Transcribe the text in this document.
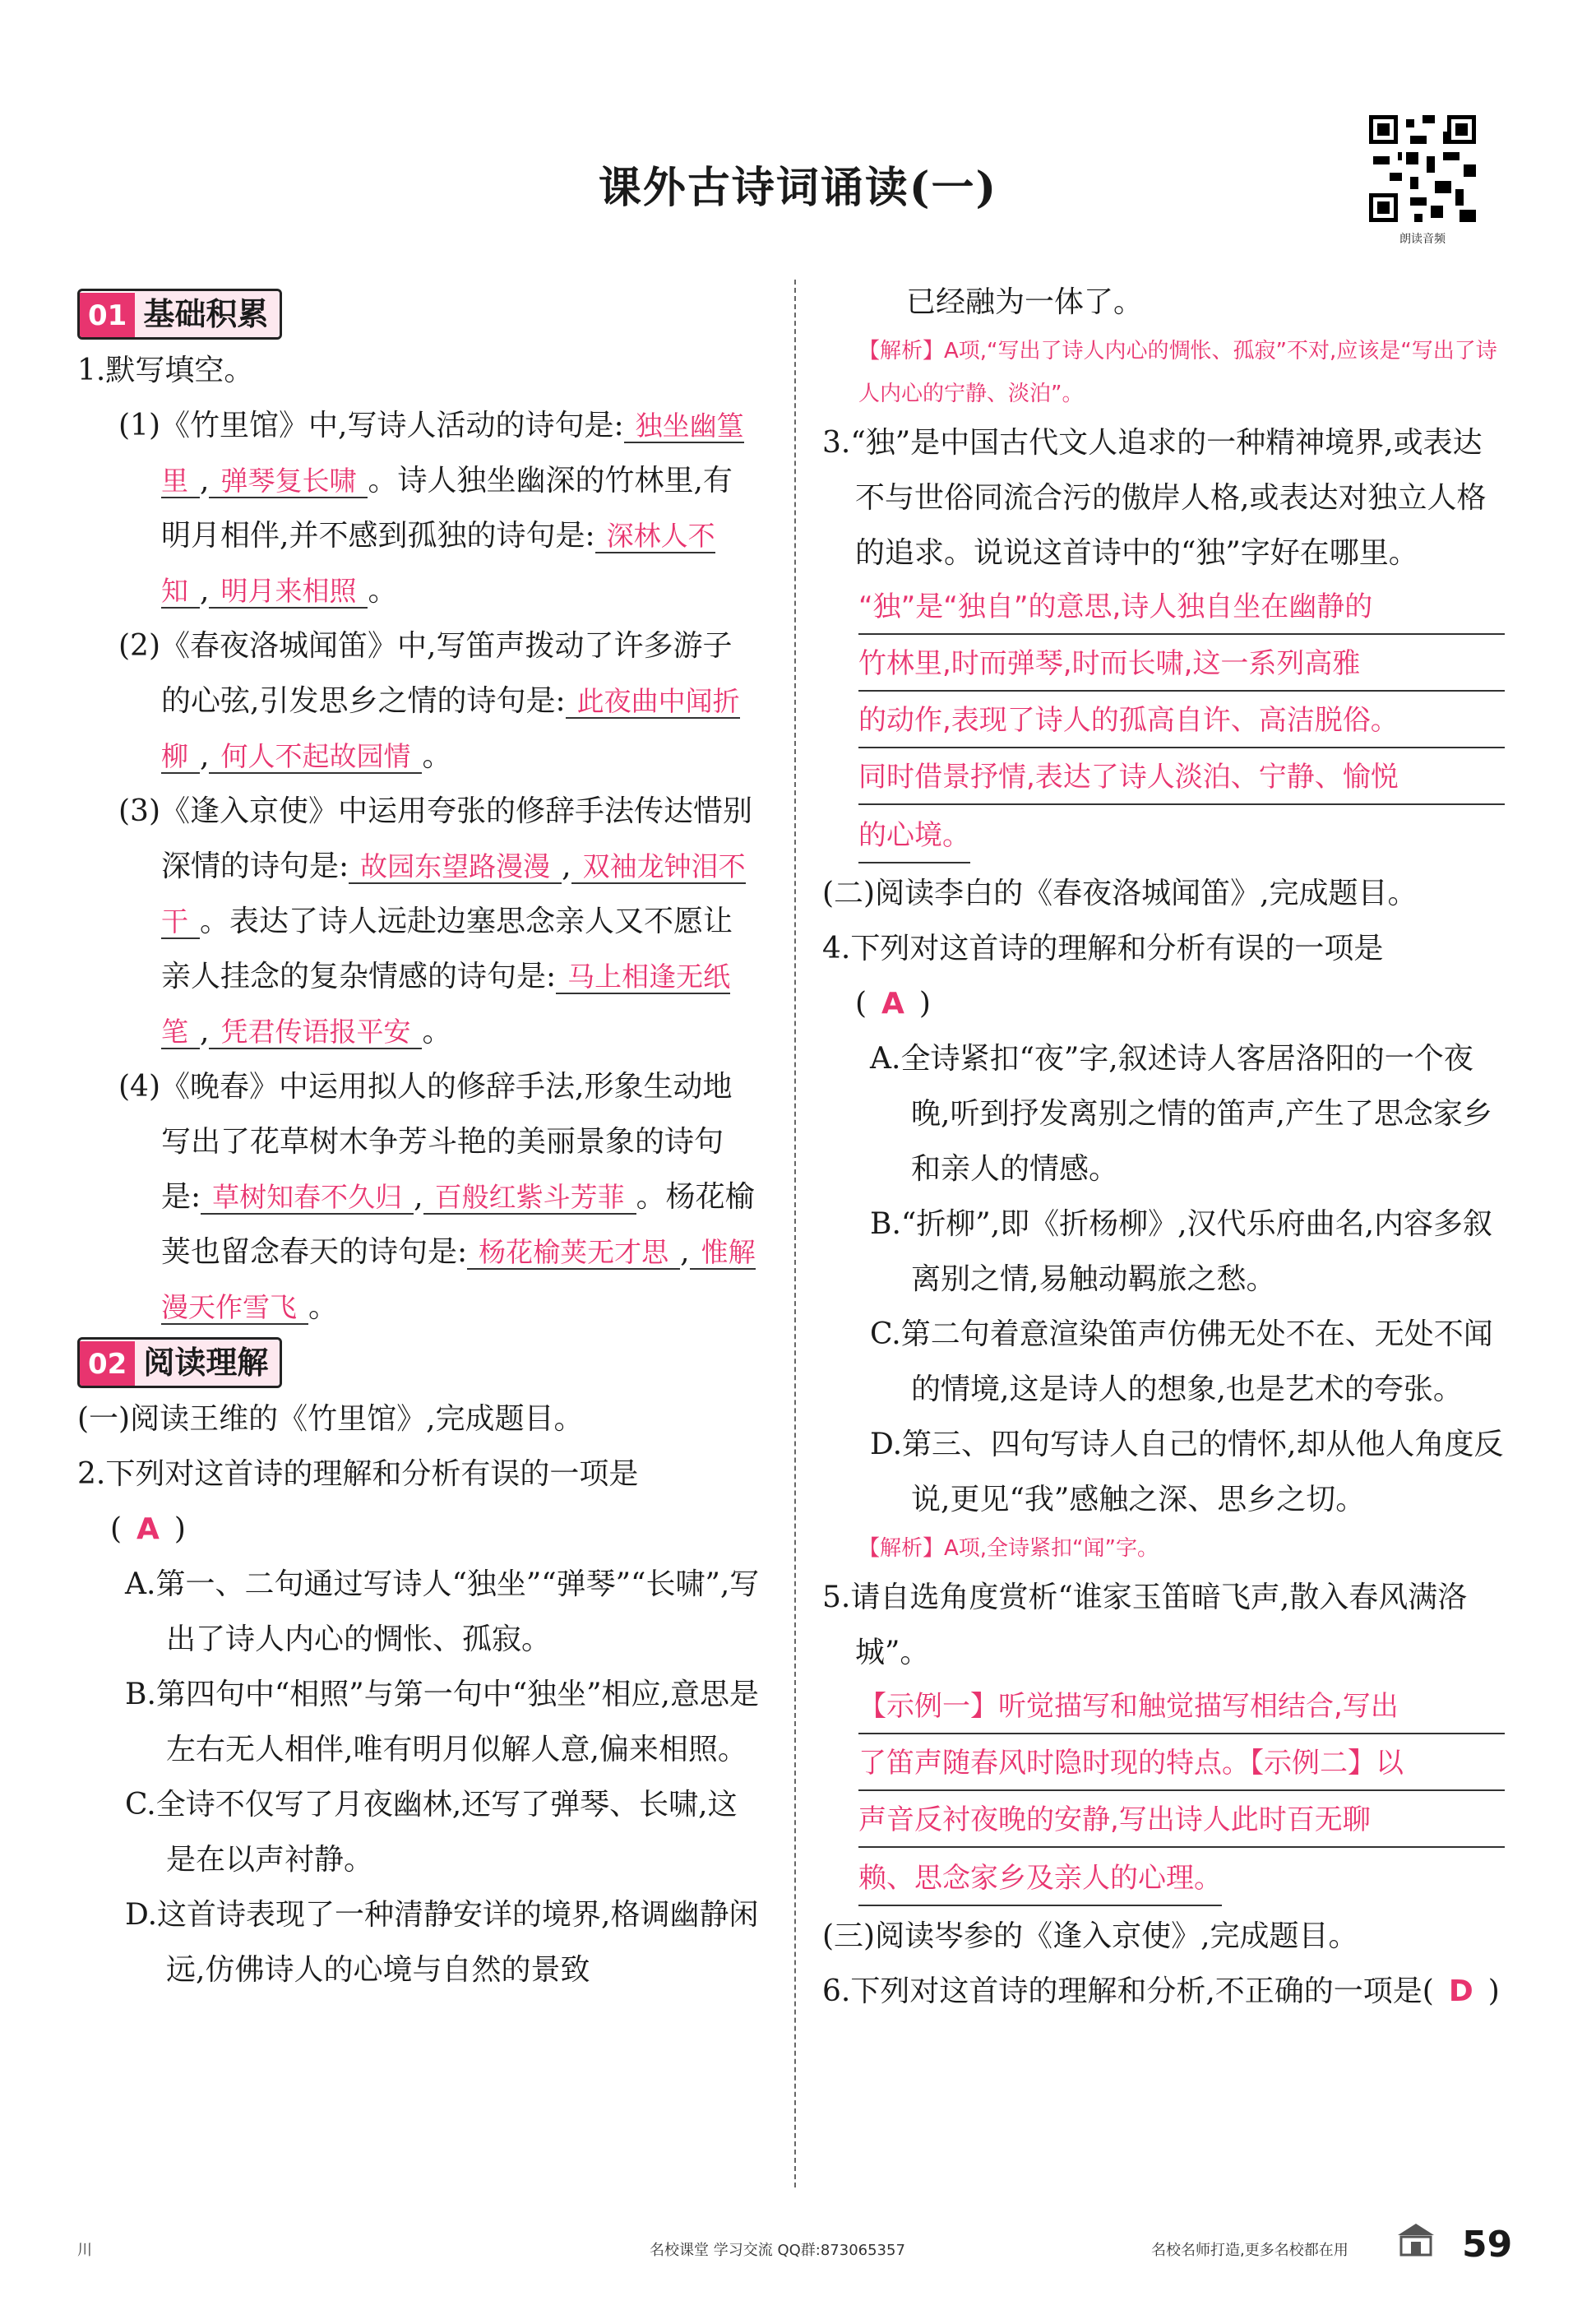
课外古诗词诵读(一)
朗读音频
01 基础积累

1.默写填空。

(1)《竹里馆》中,写诗人活动的诗句是: 独坐幽篁里 , 弹琴复长啸 。诗人独坐幽深的竹林里,有明月相伴,并不感到孤独的诗句是: 深林人不知 , 明月来相照 。

(2)《春夜洛城闻笛》中,写笛声拨动了许多游子的心弦,引发思乡之情的诗句是: 此夜曲中闻折柳 , 何人不起故园情 。

(3)《逢入京使》中运用夸张的修辞手法传达惜别深情的诗句是: 故园东望路漫漫 , 双袖龙钟泪不干 。表达了诗人远赴边塞思念亲人又不愿让亲人挂念的复杂情感的诗句是: 马上相逢无纸笔 , 凭君传语报平安 。

(4)《晚春》中运用拟人的修辞手法,形象生动地写出了花草树木争芳斗艳的美丽景象的诗句是: 草树知春不久归 , 百般红紫斗芳菲 。杨花榆荚也留念春天的诗句是: 杨花榆荚无才思 , 惟解漫天作雪飞 。

02 阅读理解

(一)阅读王维的《竹里馆》,完成题目。

2.下列对这首诗的理解和分析有误的一项是

( A )

A.第一、二句通过写诗人“独坐”“弹琴”“长啸”,写出了诗人内心的惆怅、孤寂。

B.第四句中“相照”与第一句中“独坐”相应,意思是左右无人相伴,唯有明月似解人意,偏来相照。

C.全诗不仅写了月夜幽林,还写了弹琴、长啸,这是在以声衬静。

D.这首诗表现了一种清静安详的境界,格调幽静闲远,仿佛诗人的心境与自然的景致

已经融为一体了。

【解析】A项,“写出了诗人内心的惆怅、孤寂”不对,应该是“写出了诗人内心的宁静、淡泊”。

3.“独”是中国古代文人追求的一种精神境界,或表达不与世俗同流合污的傲岸人格,或表达对独立人格的追求。说说这首诗中的“独”字好在哪里。

“独”是“独自”的意思,诗人独自坐在幽静的
竹林里,时而弹琴,时而长啸,这一系列高雅
的动作,表现了诗人的孤高自许、高洁脱俗。
同时借景抒情,表达了诗人淡泊、宁静、愉悦
的心境。

(二)阅读李白的《春夜洛城闻笛》,完成题目。

4.下列对这首诗的理解和分析有误的一项是

( A )

A.全诗紧扣“夜”字,叙述诗人客居洛阳的一个夜晚,听到抒发离别之情的笛声,产生了思念家乡和亲人的情感。

B.“折柳”,即《折杨柳》,汉代乐府曲名,内容多叙离别之情,易触动羁旅之愁。

C.第二句着意渲染笛声仿佛无处不在、无处不闻的情境,这是诗人的想象,也是艺术的夸张。

D.第三、四句写诗人自己的情怀,却从他人角度反说,更见“我”感触之深、思乡之切。

【解析】A项,全诗紧扣“闻”字。

5.请自选角度赏析“谁家玉笛暗飞声,散入春风满洛城”。

【示例一】听觉描写和触觉描写相结合,写出
了笛声随春风时隐时现的特点。【示例二】以
声音反衬夜晚的安静,写出诗人此时百无聊
赖、思念家乡及亲人的心理。

(三)阅读岑参的《逢入京使》,完成题目。

6.下列对这首诗的理解和分析,不正确的一项是( D )

川	名校课堂 学习交流 QQ群:873065357	名校名师打造,更多名校都在用	59
